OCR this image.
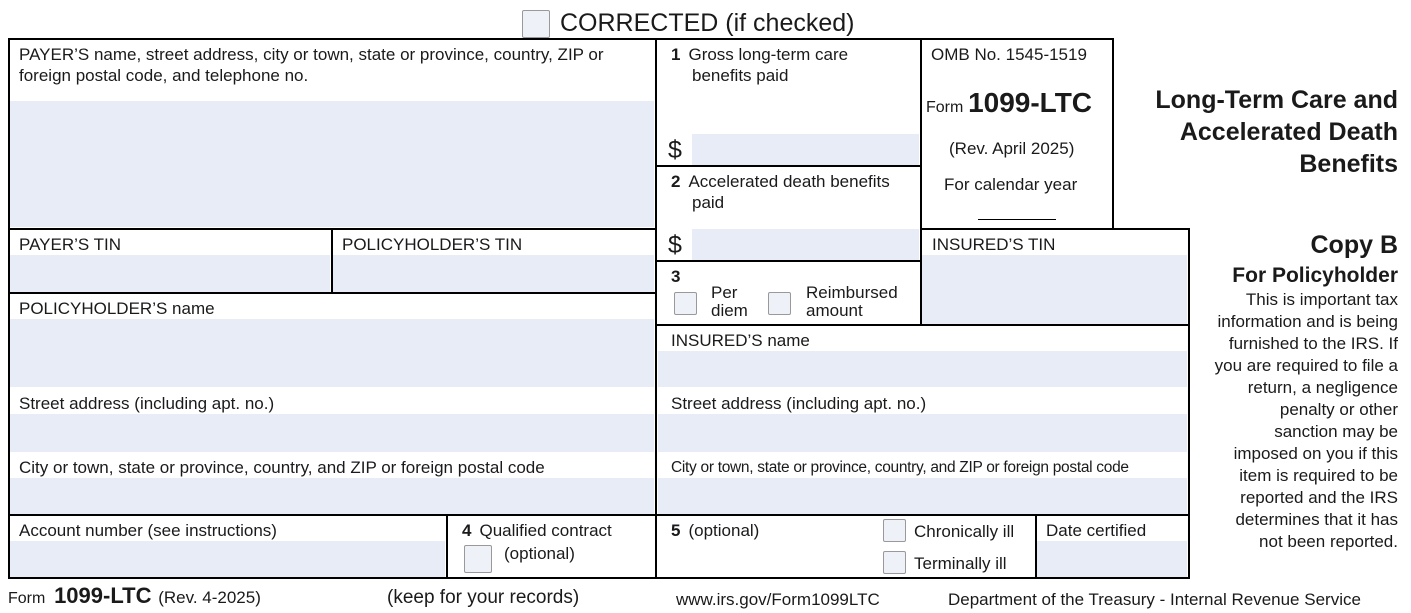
CORRECTED (if checked)
PAYER’S name, street address, city or town, state or province, country, ZIP or foreign postal code, and telephone no.
PAYER’S TIN	POLICYHOLDER’S TIN
POLICYHOLDER’S name
Street address (including apt. no.)
City or town, state or province, country, and ZIP or foreign postal code
Account number (see instructions)	4 Qualified contract
(optional)
1 Gross long-term care
benefits paid
$
2 Accelerated death benefits
paid
$
3
Per
diem
Reimbursed
amount
OMB No. 1545-1519
Form 1099-LTC
(Rev. April 2025)
For calendar year
Long-Term Care and
Accelerated Death
Benefits
INSURED’S TIN
INSURED’S name
Street address (including apt. no.)
City or town, state or province, country, and ZIP or foreign postal code
5 (optional)	Chronically ill
Terminally ill
Date certified
Copy B
For Policyholder
This is important tax
information and is being
furnished to the IRS. If
you are required to file a
return, a negligence
penalty or other
sanction may be
imposed on you if this
item is required to be
reported and the IRS
determines that it has
not been reported.
Form 1099-LTC (Rev. 4-2025)	(keep for your records)	www.irs.gov/Form1099LTC	Department of the Treasury - Internal Revenue Service
